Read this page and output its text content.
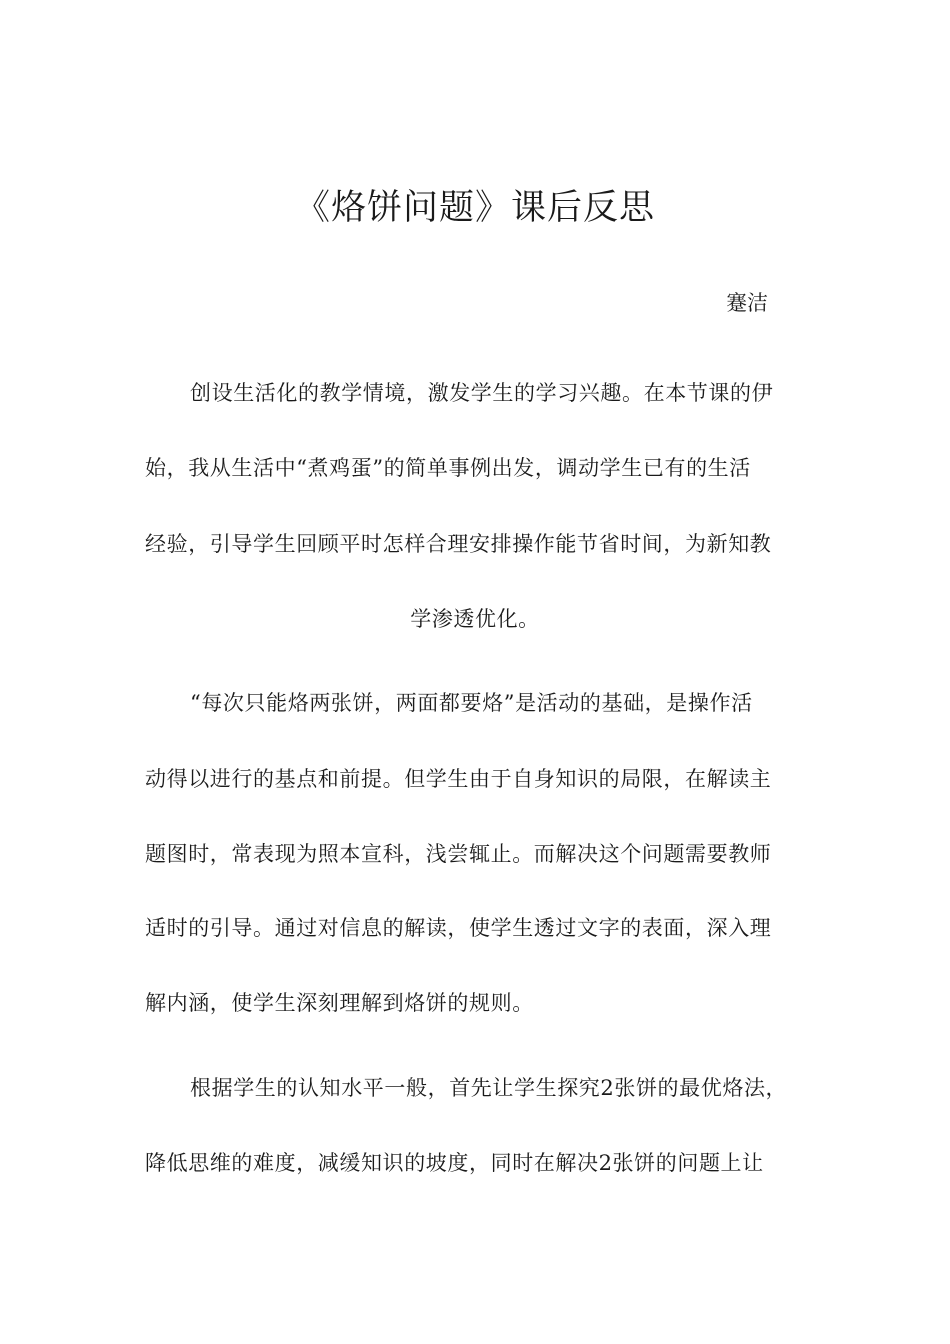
《烙饼问题》课后反思
蹇洁
创设生活化的教学情境，激发学生的学习兴趣。在本节课的伊
始，我从生活中“煮鸡蛋”的简单事例出发，调动学生已有的生活
经验，引导学生回顾平时怎样合理安排操作能节省时间，为新知教
学渗透优化。
“每次只能烙两张饼，两面都要烙”是活动的基础，是操作活
动得以进行的基点和前提。但学生由于自身知识的局限，在解读主
题图时，常表现为照本宣科，浅尝辄止。而解决这个问题需要教师
适时的引导。通过对信息的解读，使学生透过文字的表面，深入理
解内涵，使学生深刻理解到烙饼的规则。
根据学生的认知水平一般，首先让学生探究2张饼的最优烙法，
降低思维的难度，减缓知识的坡度，同时在解决2张饼的问题上让
